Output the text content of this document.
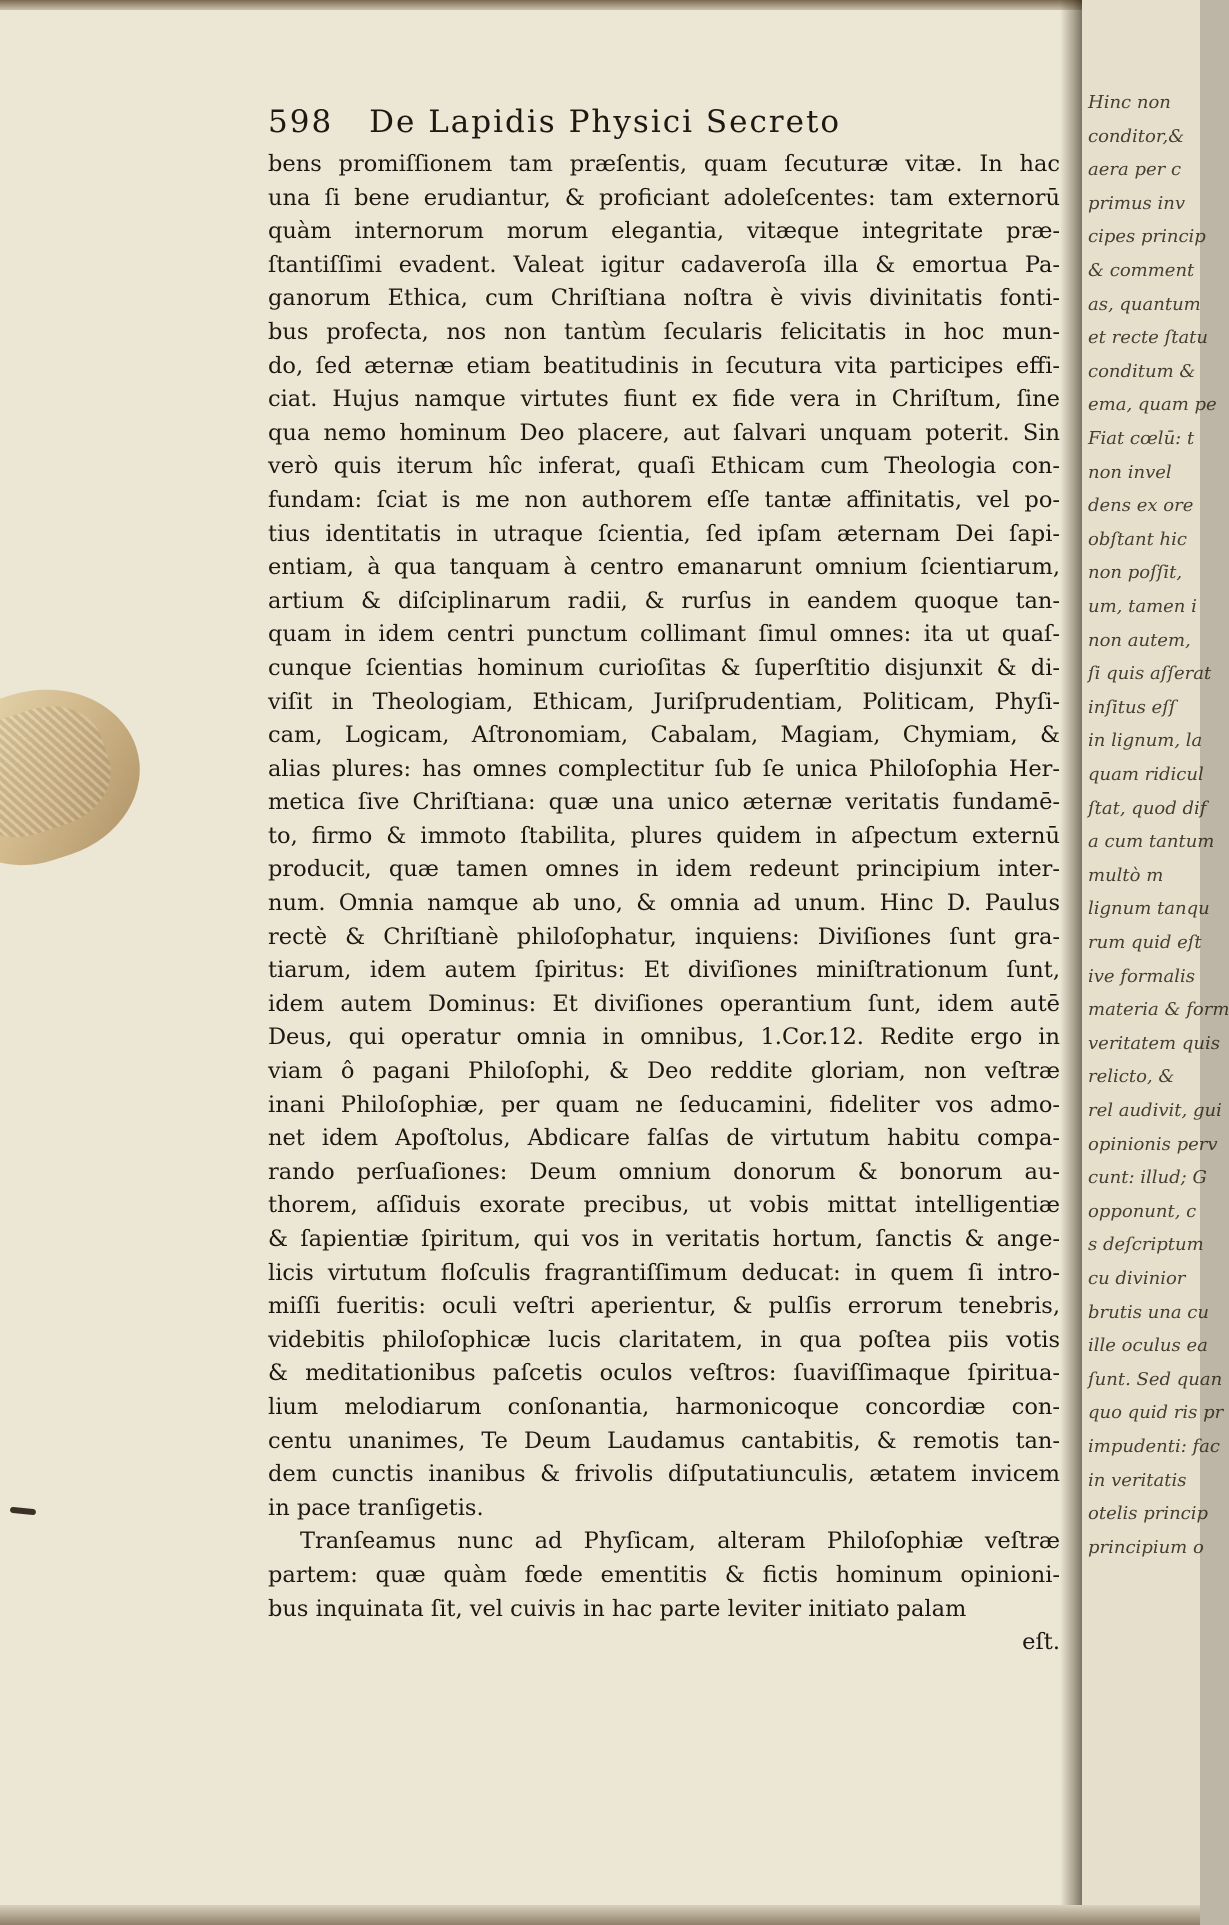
598 De Lapidis Physici Secreto
bens promiſſionem tam præſentis, quam ſecuturæ vitæ. In hac
una ſi bene erudiantur, & proficiant adoleſcentes: tam externorū
quàm internorum morum elegantia, vitæque integritate præ-
ſtantiſſimi evadent. Valeat igitur cadaveroſa illa & emortua Pa-
ganorum Ethica, cum Chriſtiana noſtra è vivis divinitatis fonti-
bus profecta, nos non tantùm ſecularis felicitatis in hoc mun-
do, ſed æternæ etiam beatitudinis in ſecutura vita participes effi-
ciat. Hujus namque virtutes fiunt ex fide vera in Chriſtum, ſine
qua nemo hominum Deo placere, aut ſalvari unquam poterit. Sin
verò quis iterum hîc inferat, quaſi Ethicam cum Theologia con-
fundam: ſciat is me non authorem eſſe tantæ affinitatis, vel po-
tius identitatis in utraque ſcientia, ſed ipſam æternam Dei ſapi-
entiam, à qua tanquam à centro emanarunt omnium ſcientiarum,
artium & diſciplinarum radii, & rurſus in eandem quoque tan-
quam in idem centri punctum collimant ſimul omnes: ita ut quaſ-
cunque ſcientias hominum curioſitas & ſuperſtitio disjunxit & di-
viſit in Theologiam, Ethicam, Juriſprudentiam, Politicam, Phyſi-
cam, Logicam, Aſtronomiam, Cabalam, Magiam, Chymiam, &
alias plures: has omnes complectitur ſub ſe unica Philoſophia Her-
metica ſive Chriſtiana: quæ una unico æternæ veritatis fundamē-
to, firmo & immoto ſtabilita, plures quidem in aſpectum externū
producit, quæ tamen omnes in idem redeunt principium inter-
num. Omnia namque ab uno, & omnia ad unum. Hinc D. Paulus
rectè & Chriſtianè philoſophatur, inquiens: Diviſiones ſunt gra-
tiarum, idem autem ſpiritus: Et diviſiones miniſtrationum ſunt,
idem autem Dominus: Et diviſiones operantium ſunt, idem autē
Deus, qui operatur omnia in omnibus, 1.Cor.12. Redite ergo in
viam ô pagani Philoſophi, & Deo reddite gloriam, non veſtræ
inani Philoſophiæ, per quam ne ſeducamini, fideliter vos admo-
net idem Apoſtolus, Abdicare falſas de virtutum habitu compa-
rando perſuaſiones: Deum omnium donorum & bonorum au-
thorem, aſſiduis exorate precibus, ut vobis mittat intelligentiæ
& ſapientiæ ſpiritum, qui vos in veritatis hortum, ſanctis & ange-
licis virtutum floſculis fragrantiſſimum deducat: in quem ſi intro-
miſſi fueritis: oculi veſtri aperientur, & pulſis errorum tenebris,
videbitis philoſophicæ lucis claritatem, in qua poſtea piis votis
& meditationibus paſcetis oculos veſtros: ſuaviſſimaque ſpiritua-
lium melodiarum conſonantia, harmonicoque concordiæ con-
centu unanimes, Te Deum Laudamus cantabitis, & remotis tan-
dem cunctis inanibus & frivolis diſputatiunculis, ætatem invicem
in pace tranſigetis.
Tranſeamus nunc ad Phyſicam, alteram Philoſophiæ veſtræ
partem: quæ quàm fœde ementitis & fictis hominum opinioni-
bus inquinata ſit, vel cuivis in hac parte leviter initiato palam
eſt.
Hinc non
conditor,&
aera per c
primus inv
cipes princip
& comment
as, quantum
et recte ſtatu
conditum &
ema, quam pe
Fiat cœlū: t
non invel
dens ex ore
obſtant hic
non poſſit,
um, tamen i
non autem,
ſi quis aſſerat
inſitus eſſ
in lignum, la
quam ridicul
ſtat, quod dif
a cum tantum
multò m
lignum tanqu
rum quid eſt
ive formalis
materia & form
veritatem quis
relicto, &
rel audivit, gui
opinionis perv
cunt: illud; G
opponunt, c
s deſcriptum
cu divinior
brutis una cu
ille oculus ea
ſunt. Sed quan
quo quid ris pr
impudenti: fac
in veritatis
otelis princip
principium o
